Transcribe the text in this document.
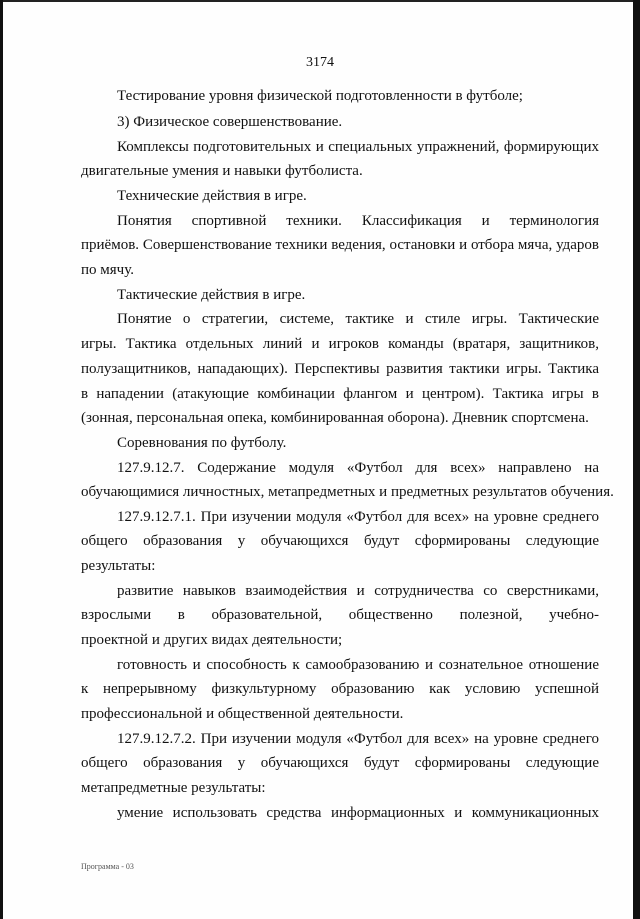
3174
Тестирование уровня физической подготовленности в футболе;
3) Физическое совершенствование.
Комплексы подготовительных и специальных упражнений, формирующих
двигательные умения и навыки футболиста.
Технические действия в игре.
Понятия спортивной техники. Классификация и терминология
приёмов. Совершенствование техники ведения, остановки и отбора мяча, ударов
по мячу.
Тактические действия в игре.
Понятие о стратегии, системе, тактике и стиле игры. Тактические
игры. Тактика отдельных линий и игроков команды (вратаря, защитников,
полузащитников, нападающих). Перспективы развития тактики игры. Тактика
в нападении (атакующие комбинации флангом и центром). Тактика игры в
(зонная, персональная опека, комбинированная оборона). Дневник спортсмена.
Соревнования по футболу.
127.9.12.7. Содержание модуля «Футбол для всех» направлено на
обучающимися личностных, метапредметных и предметных результатов обучения.
127.9.12.7.1. При изучении модуля «Футбол для всех» на уровне среднего
общего образования у обучающихся будут сформированы следующие
результаты:
развитие навыков взаимодействия и сотрудничества со сверстниками,
взрослыми в образовательной, общественно полезной, учебно-
проектной и других видах деятельности;
готовность и способность к самообразованию и сознательное отношение
к непрерывному физкультурному образованию как условию успешной
профессиональной и общественной деятельности.
127.9.12.7.2. При изучении модуля «Футбол для всех» на уровне среднего
общего образования у обучающихся будут сформированы следующие
метапредметные результаты:
умение использовать средства информационных и коммуникационных
Программа - 03
